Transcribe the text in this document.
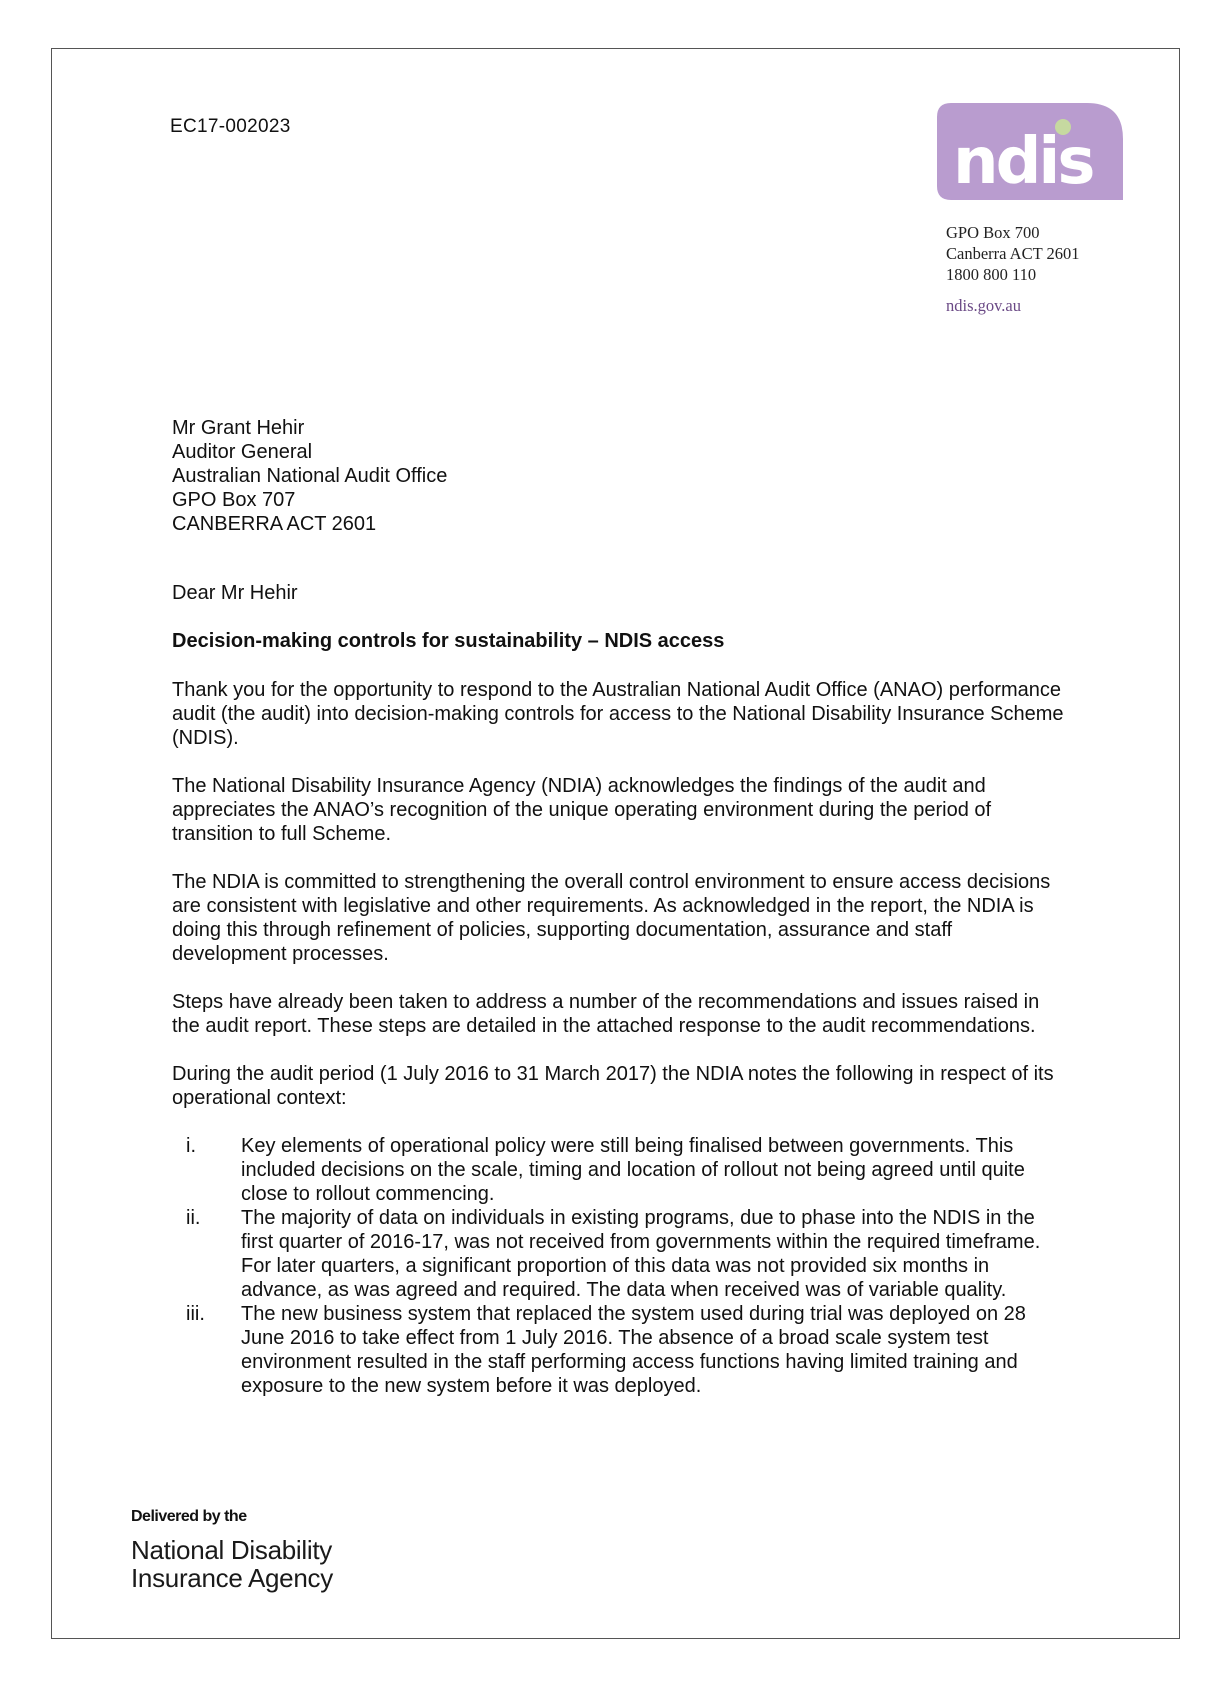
EC17-002023	ndis
GPO Box 700
Canberra ACT 2601
1800 800 110
ndis.gov.au
Mr Grant Hehir
Auditor General
Australian National Audit Office
GPO Box 707
CANBERRA ACT 2601
Dear Mr Hehir
Decision-making controls for sustainability – NDIS access

Thank you for the opportunity to respond to the Australian National Audit Office (ANAO) performance audit (the audit) into decision-making controls for access to the National Disability Insurance Scheme (NDIS).

The National Disability Insurance Agency (NDIA) acknowledges the findings of the audit and appreciates the ANAO’s recognition of the unique operating environment during the period of transition to full Scheme.

The NDIA is committed to strengthening the overall control environment to ensure access decisions are consistent with legislative and other requirements. As acknowledged in the report, the NDIA is doing this through refinement of policies, supporting documentation, assurance and staff development processes.

Steps have already been taken to address a number of the recommendations and issues raised in the audit report. These steps are detailed in the attached response to the audit recommendations.

During the audit period (1 July 2016 to 31 March 2017) the NDIA notes the following in respect of its operational context:

i.	Key elements of operational policy were still being finalised between governments. This included decisions on the scale, timing and location of rollout not being agreed until quite close to rollout commencing.
ii.	The majority of data on individuals in existing programs, due to phase into the NDIS in the first quarter of 2016-17, was not received from governments within the required timeframe. For later quarters, a significant proportion of this data was not provided six months in advance, as was agreed and required. The data when received was of variable quality.
iii.	The new business system that replaced the system used during trial was deployed on 28 June 2016 to take effect from 1 July 2016. The absence of a broad scale system test environment resulted in the staff performing access functions having limited training and exposure to the new system before it was deployed.
Delivered by the
National Disability
Insurance Agency
